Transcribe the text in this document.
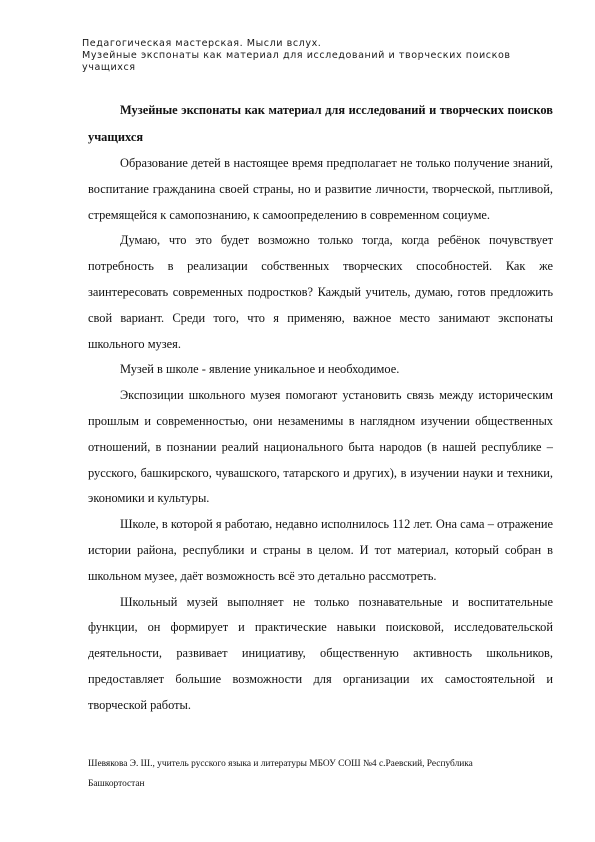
Педагогическая мастерская. Мысли вслух.
Музейные экспонаты как материал для исследований и творческих поисков
учащихся

Музейные экспонаты как материал для исследований и творческих поисков учащихся

Образование детей в настоящее время предполагает не только получение знаний, воспитание гражданина своей страны, но и развитие личности, творческой, пытливой, стремящейся к самопознанию, к самоопределению в современном социуме.

Думаю, что это будет возможно только тогда, когда ребёнок почувствует потребность в реализации собственных творческих способностей. Как же заинтересовать современных подростков? Каждый учитель, думаю, готов предложить свой вариант. Среди того, что я применяю, важное место занимают экспонаты школьного музея.

Музей в школе - явление уникальное и необходимое.

Экспозиции школьного музея помогают установить связь между историческим прошлым и современностью, они незаменимы в наглядном изучении общественных отношений, в познании реалий национального быта народов (в нашей республике – русского, башкирского, чувашского, татарского и других), в изучении науки и техники, экономики и культуры.

Школе, в которой я работаю, недавно исполнилось 112 лет. Она сама – отражение истории района, республики и страны в целом. И тот материал, который собран в школьном музее, даёт возможность всё это детально рассмотреть.

Школьный музей выполняет не только познавательные и воспитательные функции, он формирует и практические навыки поисковой, исследовательской деятельности, развивает инициативу, общественную активность школьников, предоставляет большие возможности для организации их самостоятельной и творческой работы.

Шевякова Э. Ш., учитель русского языка и литературы МБОУ СОШ №4 с.Раевский, Республика
Башкортостан
